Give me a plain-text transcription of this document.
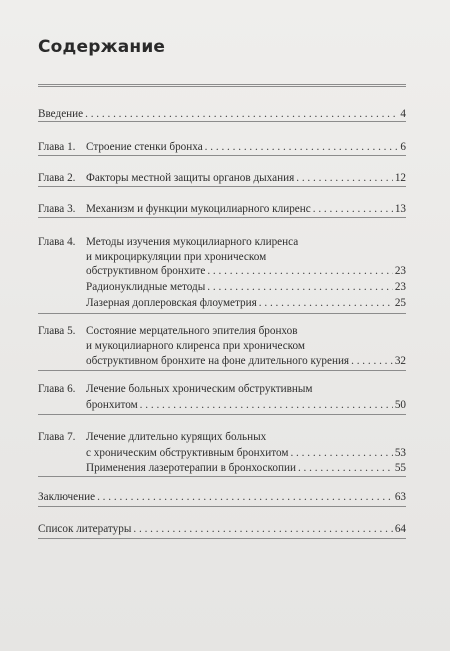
Содержание
Введение . . .	4
Глава 1. Строение стенки бронха . . .	6
Глава 2. Факторы местной защиты органов дыхания . . .	12
Глава 3. Механизм и функции мукоцилиарного клиренс . . .	13
Глава 4. Методы изучения мукоцилиарного клиренса
и микроциркуляции при хроническом
обструктивном бронхите . . .	23
Радионуклидные методы . . .	23
Лазерная доплеровская флоуметрия . . .	25
Глава 5. Состояние мерцательного эпителия бронхов
и мукоцилиарного клиренса при хроническом
обструктивном бронхите на фоне длительного курения . . .	32
Глава 6. Лечение больных хроническим обструктивным
бронхитом . . .	50
Глава 7. Лечение длительно курящих больных
с хроническим обструктивным бронхитом . . .	53
Применения лазеротерапии в бронхоскопии . . .	55
Заключение . . .	63
Список литературы . . .	64
